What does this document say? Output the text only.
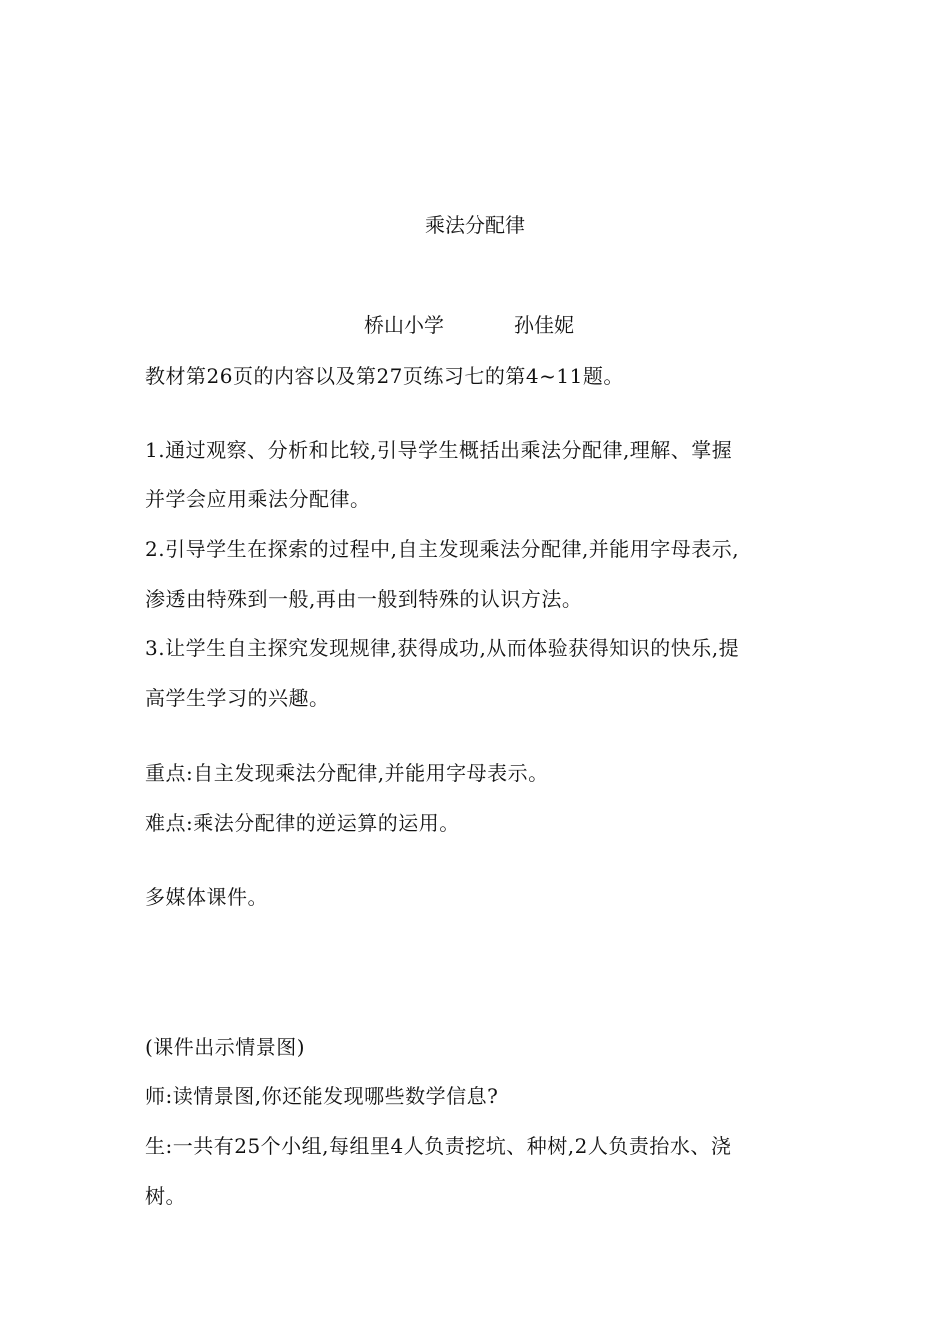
乘法分配律
桥山小学	孙佳妮
教材第26页的内容以及第27页练习七的第4~11题。
1.通过观察、分析和比较,引导学生概括出乘法分配律,理解、掌握
并学会应用乘法分配律。
2.引导学生在探索的过程中,自主发现乘法分配律,并能用字母表示,
渗透由特殊到一般,再由一般到特殊的认识方法。
3.让学生自主探究发现规律,获得成功,从而体验获得知识的快乐,提
高学生学习的兴趣。
重点:自主发现乘法分配律,并能用字母表示。
难点:乘法分配律的逆运算的运用。
多媒体课件。
(课件出示情景图)
师:读情景图,你还能发现哪些数学信息?
生:一共有25个小组,每组里4人负责挖坑、种树,2人负责抬水、浇
树。
